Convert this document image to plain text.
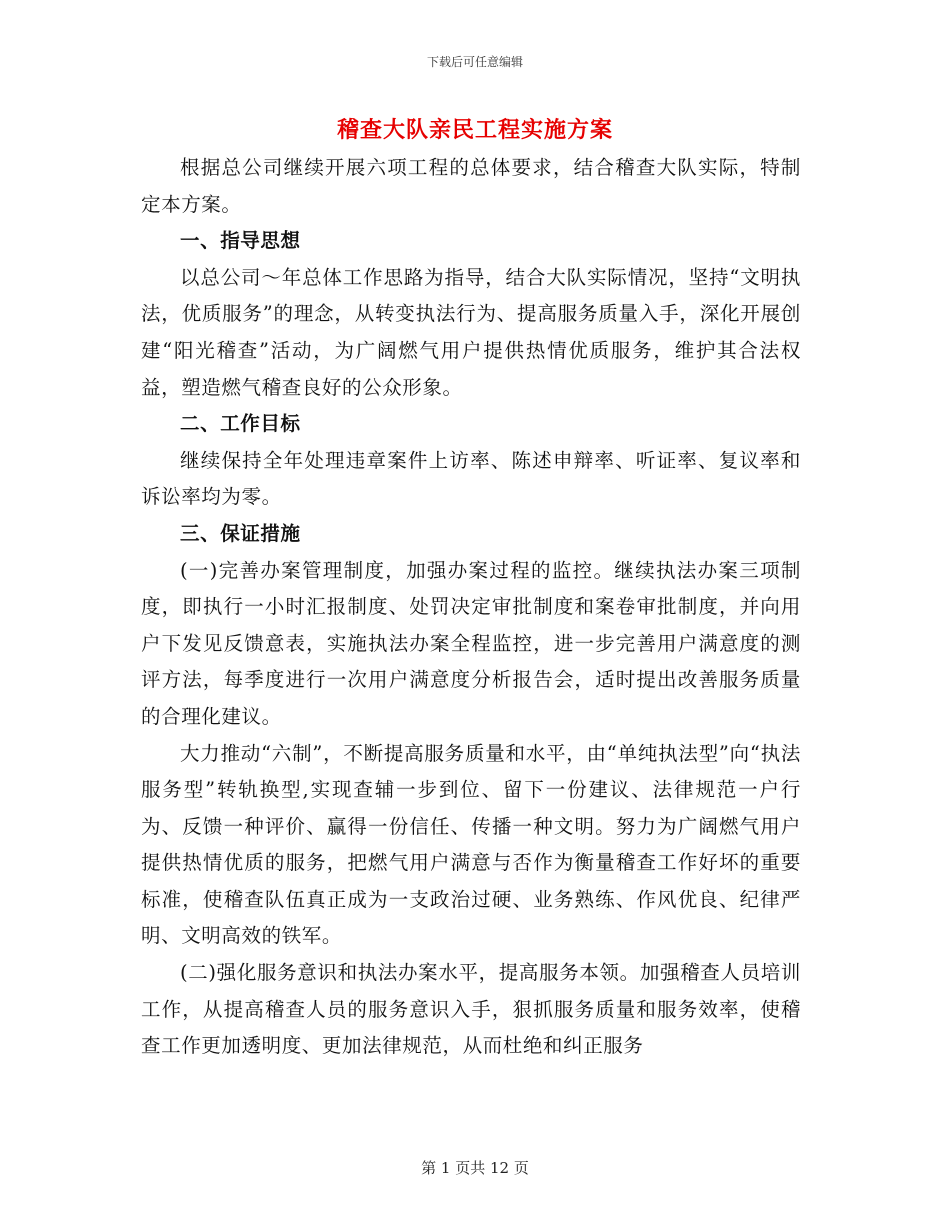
下载后可任意编辑
稽查大队亲民工程实施方案

根据总公司继续开展六项工程的总体要求，结合稽查大队实际，特制定本方案。

一、指导思想

以总公司～年总体工作思路为指导，结合大队实际情况，坚持“文明执法，优质服务”的理念，从转变执法行为、提高服务质量入手，深化开展创建“阳光稽查”活动，为广阔燃气用户提供热情优质服务，维护其合法权益，塑造燃气稽查良好的公众形象。

二、工作目标

继续保持全年处理违章案件上访率、陈述申辩率、听证率、复议率和诉讼率均为零。

三、保证措施

(一)完善办案管理制度，加强办案过程的监控。继续执法办案三项制度，即执行一小时汇报制度、处罚决定审批制度和案卷审批制度，并向用户下发见反馈意表，实施执法办案全程监控，进一步完善用户满意度的测评方法，每季度进行一次用户满意度分析报告会，适时提出改善服务质量的合理化建议。

大力推动“六制”，不断提高服务质量和水平，由“单纯执法型”向“执法服务型”转轨换型,实现查辅一步到位、留下一份建议、法律规范一户行为、反馈一种评价、赢得一份信任、传播一种文明。努力为广阔燃气用户提供热情优质的服务，把燃气用户满意与否作为衡量稽查工作好坏的重要标准，使稽查队伍真正成为一支政治过硬、业务熟练、作风优良、纪律严明、文明高效的铁军。

(二)强化服务意识和执法办案水平，提高服务本领。加强稽查人员培训工作，从提高稽查人员的服务意识入手，狠抓服务质量和服务效率，使稽查工作更加透明度、更加法律规范，从而杜绝和纠正服务

第 1 页共 12 页
